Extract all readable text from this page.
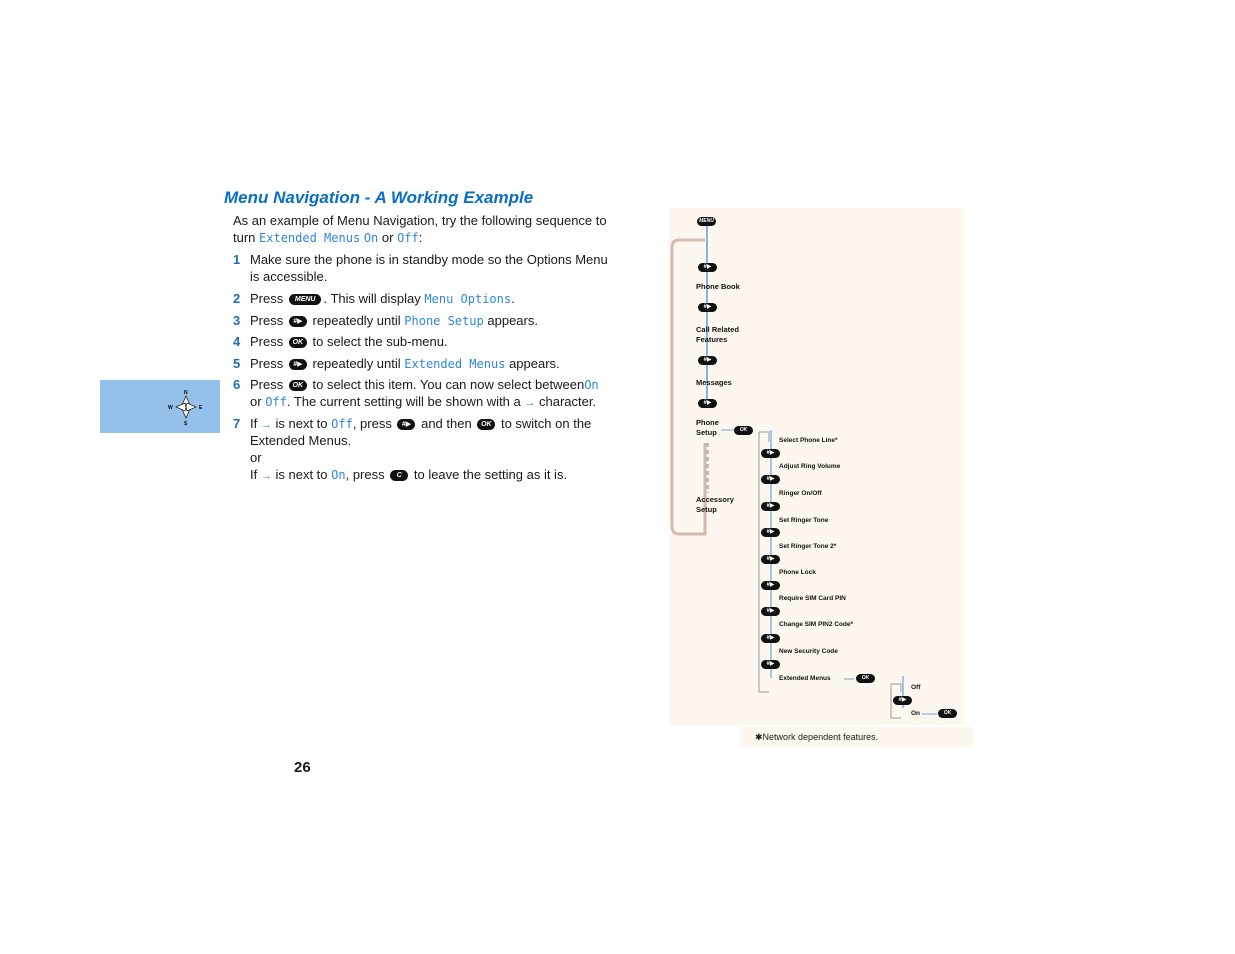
N
S
W	E
Menu Navigation - A Working Example
As an example of Menu Navigation, try the following sequence to turn Extended Menus On or Off:
1 Make sure the phone is in standby mode so the Options Menu
is accessible.
2 Press MENU . This will display Menu Options.
3 Press #▶ repeatedly until Phone Setup appears.
4 Press OK to select the sub-menu.
5 Press #▶ repeatedly until Extended Menus appears.
6 Press OK to select this item. You can now select betweenOn
or Off. The current setting will be shown with a → character.
7 If → is next to Off, press #▶ and then OK to switch on the
Extended Menus.
or
If → is next to On, press C to leave the setting as it is.
26
MENU
#▶
Phone Book
#▶
Call Related
Features
#▶
Messages
#▶
Phone
Setup	OK
Accessory
Setup
Select Phone Line*
#▶
Adjust Ring Volume
#▶
Ringer On/Off
#▶
Set Ringer Tone
#▶
Set Ringer Tone 2*
#▶
Phone Lock
#▶
Require SIM Card PIN
#▶
Change SIM PIN2 Code*
#▶
New Security Code
#▶
Extended Menus	OK
Off
#▶
On	OK
✱Network dependent features.
